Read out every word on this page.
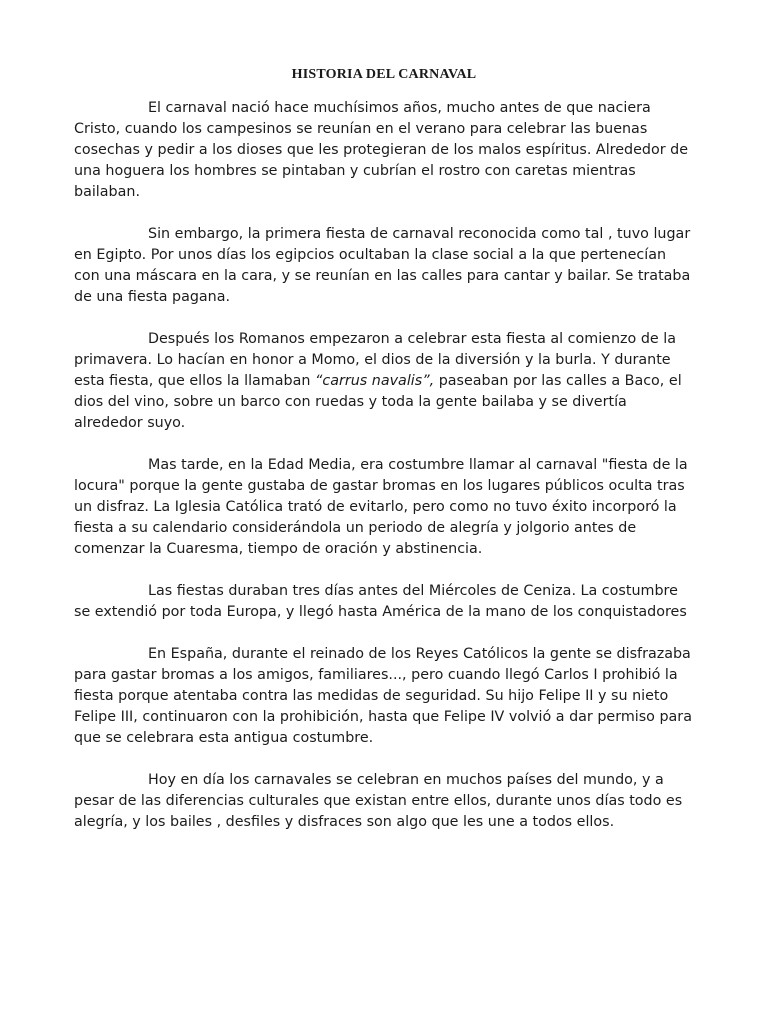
HISTORIA DEL CARNAVAL

El carnaval nació hace muchísimos años, mucho antes de que naciera Cristo, cuando los campesinos se reunían en el verano para celebrar las buenas cosechas y pedir a los dioses que les protegieran de los malos espíritus. Alrededor de una hoguera los hombres se pintaban y cubrían el rostro con caretas mientras bailaban.

Sin embargo, la primera fiesta de carnaval reconocida como tal , tuvo lugar en Egipto. Por unos días los egipcios ocultaban la clase social a la que pertenecían con una máscara en la cara, y se reunían en las calles para cantar y bailar. Se trataba de una fiesta pagana.

Después los Romanos empezaron a celebrar esta fiesta al comienzo de la primavera. Lo hacían en honor a Momo, el dios de la diversión y la burla. Y durante esta fiesta, que ellos la llamaban “carrus navalis”, paseaban por las calles a Baco, el dios del vino, sobre un barco con ruedas y toda la gente bailaba y se divertía alrededor suyo.

Mas tarde, en la Edad Media, era costumbre llamar al carnaval "fiesta de la locura" porque la gente gustaba de gastar bromas en los lugares públicos oculta tras un disfraz. La Iglesia Católica trató de evitarlo, pero como no tuvo éxito incorporó la fiesta a su calendario considerándola un periodo de alegría y jolgorio antes de comenzar la Cuaresma, tiempo de oración y abstinencia.

Las fiestas duraban tres días antes del Miércoles de Ceniza. La costumbre se extendió por toda Europa, y llegó hasta América de la mano de los conquistadores

En España, durante el reinado de los Reyes Católicos la gente se disfrazaba para gastar bromas a los amigos, familiares..., pero cuando llegó Carlos I prohibió la fiesta porque atentaba contra las medidas de seguridad. Su hijo Felipe II y su nieto Felipe III, continuaron con la prohibición, hasta que Felipe IV volvió a dar permiso para que se celebrara esta antigua costumbre.

Hoy en día los carnavales se celebran en muchos países del mundo, y a pesar de las diferencias culturales que existan entre ellos, durante unos días todo es alegría, y los bailes , desfiles y disfraces son algo que les une a todos ellos.
